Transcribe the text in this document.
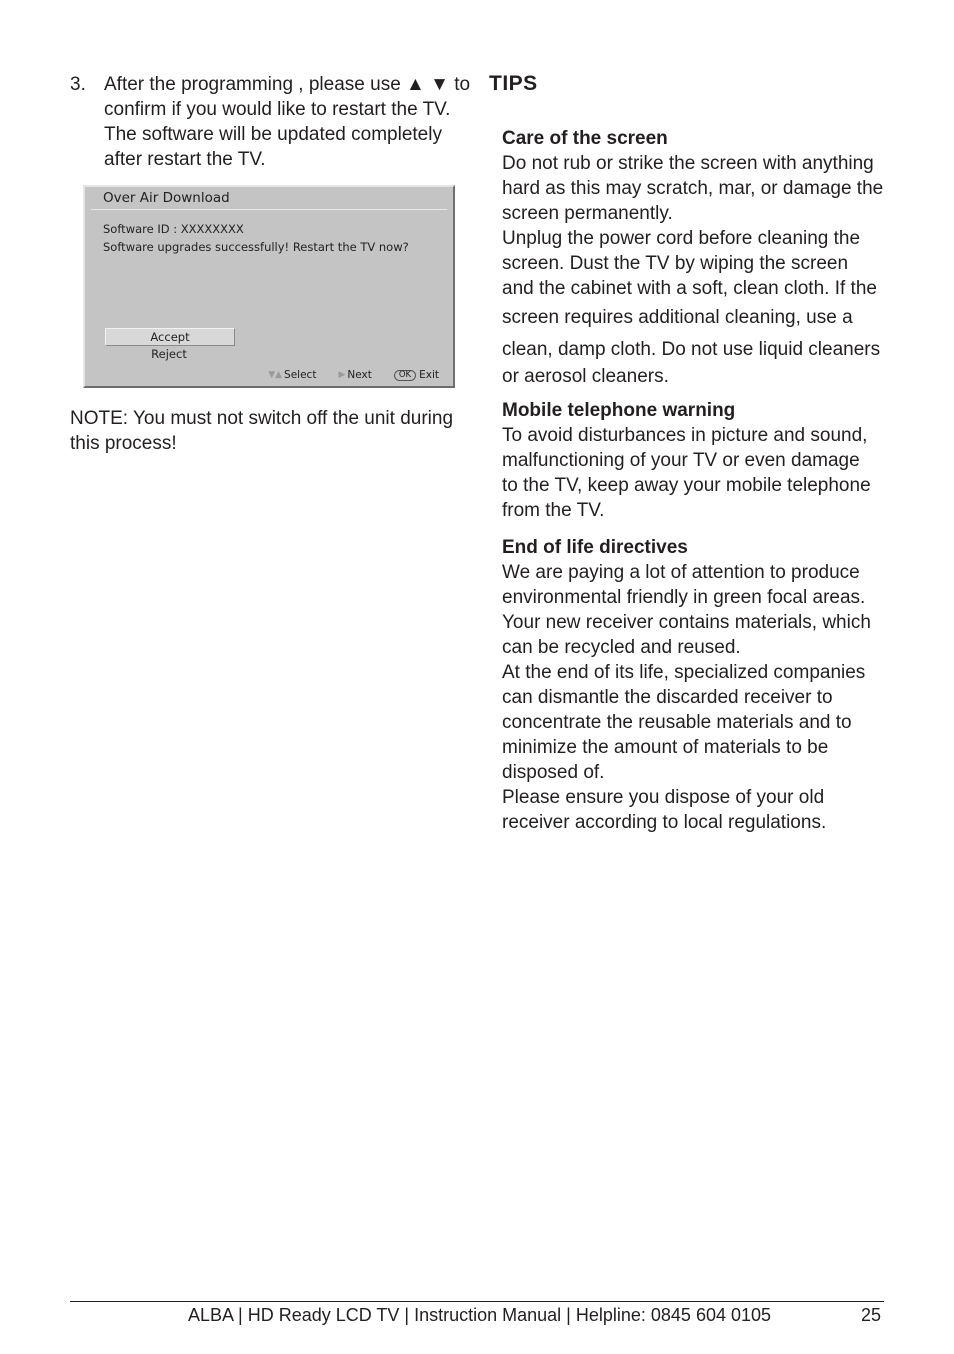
3. After the programming , please use ▲ ▼ to
confirm if you would like to restart the TV.
The software will be updated completely
after restart the TV.
Over Air Download
Software ID : XXXXXXXX
Software upgrades successfully! Restart the TV now?
Accept
Reject
▼▲ Select ▶ Next	OK Exit
NOTE: You must not switch off the unit during
this process!
TIPS
Care of the screen

Do not rub or strike the screen with anything

hard as this may scratch, mar, or damage the

screen permanently.

Unplug the power cord before cleaning the

screen. Dust the TV by wiping the screen

and the cabinet with a soft, clean cloth. If the

screen requires additional cleaning, use a

clean, damp cloth. Do not use liquid cleaners

or aerosol cleaners.

Mobile telephone warning

To avoid disturbances in picture and sound,

malfunctioning of your TV or even damage

to the TV, keep away your mobile telephone

from the TV.

End of life directives

We are paying a lot of attention to produce

environmental friendly in green focal areas.

Your new receiver contains materials, which

can be recycled and reused.

At the end of its life, specialized companies

can dismantle the discarded receiver to

concentrate the reusable materials and to

minimize the amount of materials to be

disposed of.

Please ensure you dispose of your old

receiver according to local regulations.

ALBA | HD Ready LCD TV | Instruction Manual | Helpline: 0845 604 0105	25
